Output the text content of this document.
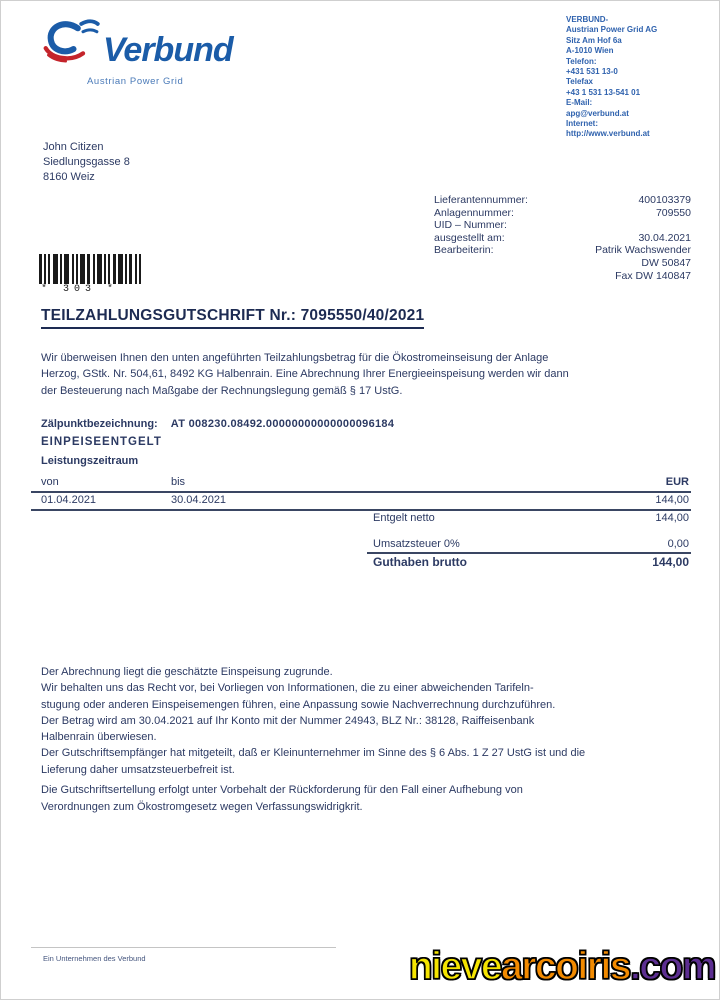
Verbund
Austrian Power Grid
VERBUND-
Austrian Power Grid AG
Sitz Am Hof 6a
A-1010 Wien
Telefon:
+431 531 13-0
Telefax
+43 1 531 13-541 01
E-Mail:
apg@verbund.at
Internet:
http://www.verbund.at
John Citizen
Siedlungsgasse 8
8160 Weiz
Lieferantennummer:	400103379
Anlagennummer:	709550
UID – Nummer:
ausgestellt am:	30.04.2021
Bearbeiterin:	Patrik Wachswender
DW 50847
Fax DW 140847
* 303 *
TEILZAHLUNGSGUTSCHRIFT Nr.: 7095550/40/2021
Wir überweisen Ihnen den unten angeführten Teilzahlungsbetrag für die Ökostromeinseisung der Anlage
Herzog, GStk. Nr. 504,61, 8492 KG Halbenrain. Eine Abrechnung Ihrer Energieeinspeisung werden wir dann
der Besteuerung nach Maßgabe der Rechnungslegung gemäß § 17 UstG.
Zälpunktbezeichnung: AT 008230.08492.00000000000000096184
EINPEISEENTGELT
Leistungszeitraum
von	bis	EUR
01.04.2021	30.04.2021	144,00
Entgelt netto	144,00
Umsatzsteuer 0%	0,00
Guthaben brutto	144,00
Der Abrechnung liegt die geschätzte Einspeisung zugrunde.
Wir behalten uns das Recht vor, bei Vorliegen von Informationen, die zu einer abweichenden Tarifeln-
stugung oder anderen Einspeisemengen führen, eine Anpassung sowie Nachverrechnung durchzuführen.
Der Betrag wird am 30.04.2021 auf Ihr Konto mit der Nummer 24943, BLZ Nr.: 38128, Raiffeisenbank
Halbenrain überwiesen.
Der Gutschriftsempfänger hat mitgeteilt, daß er Kleinunternehmer im Sinne des § 6 Abs. 1 Z 27 UstG ist und die
Lieferung daher umsatzsteuerbefreit ist.
Die Gutschriftsertellung erfolgt unter Vorbehalt der Rückforderung für den Fall einer Aufhebung von
Verordnungen zum Ökostromgesetz wegen Verfassungswidrigkrit.
Ein Unternehmen des Verbund	nievearcoiris.com
